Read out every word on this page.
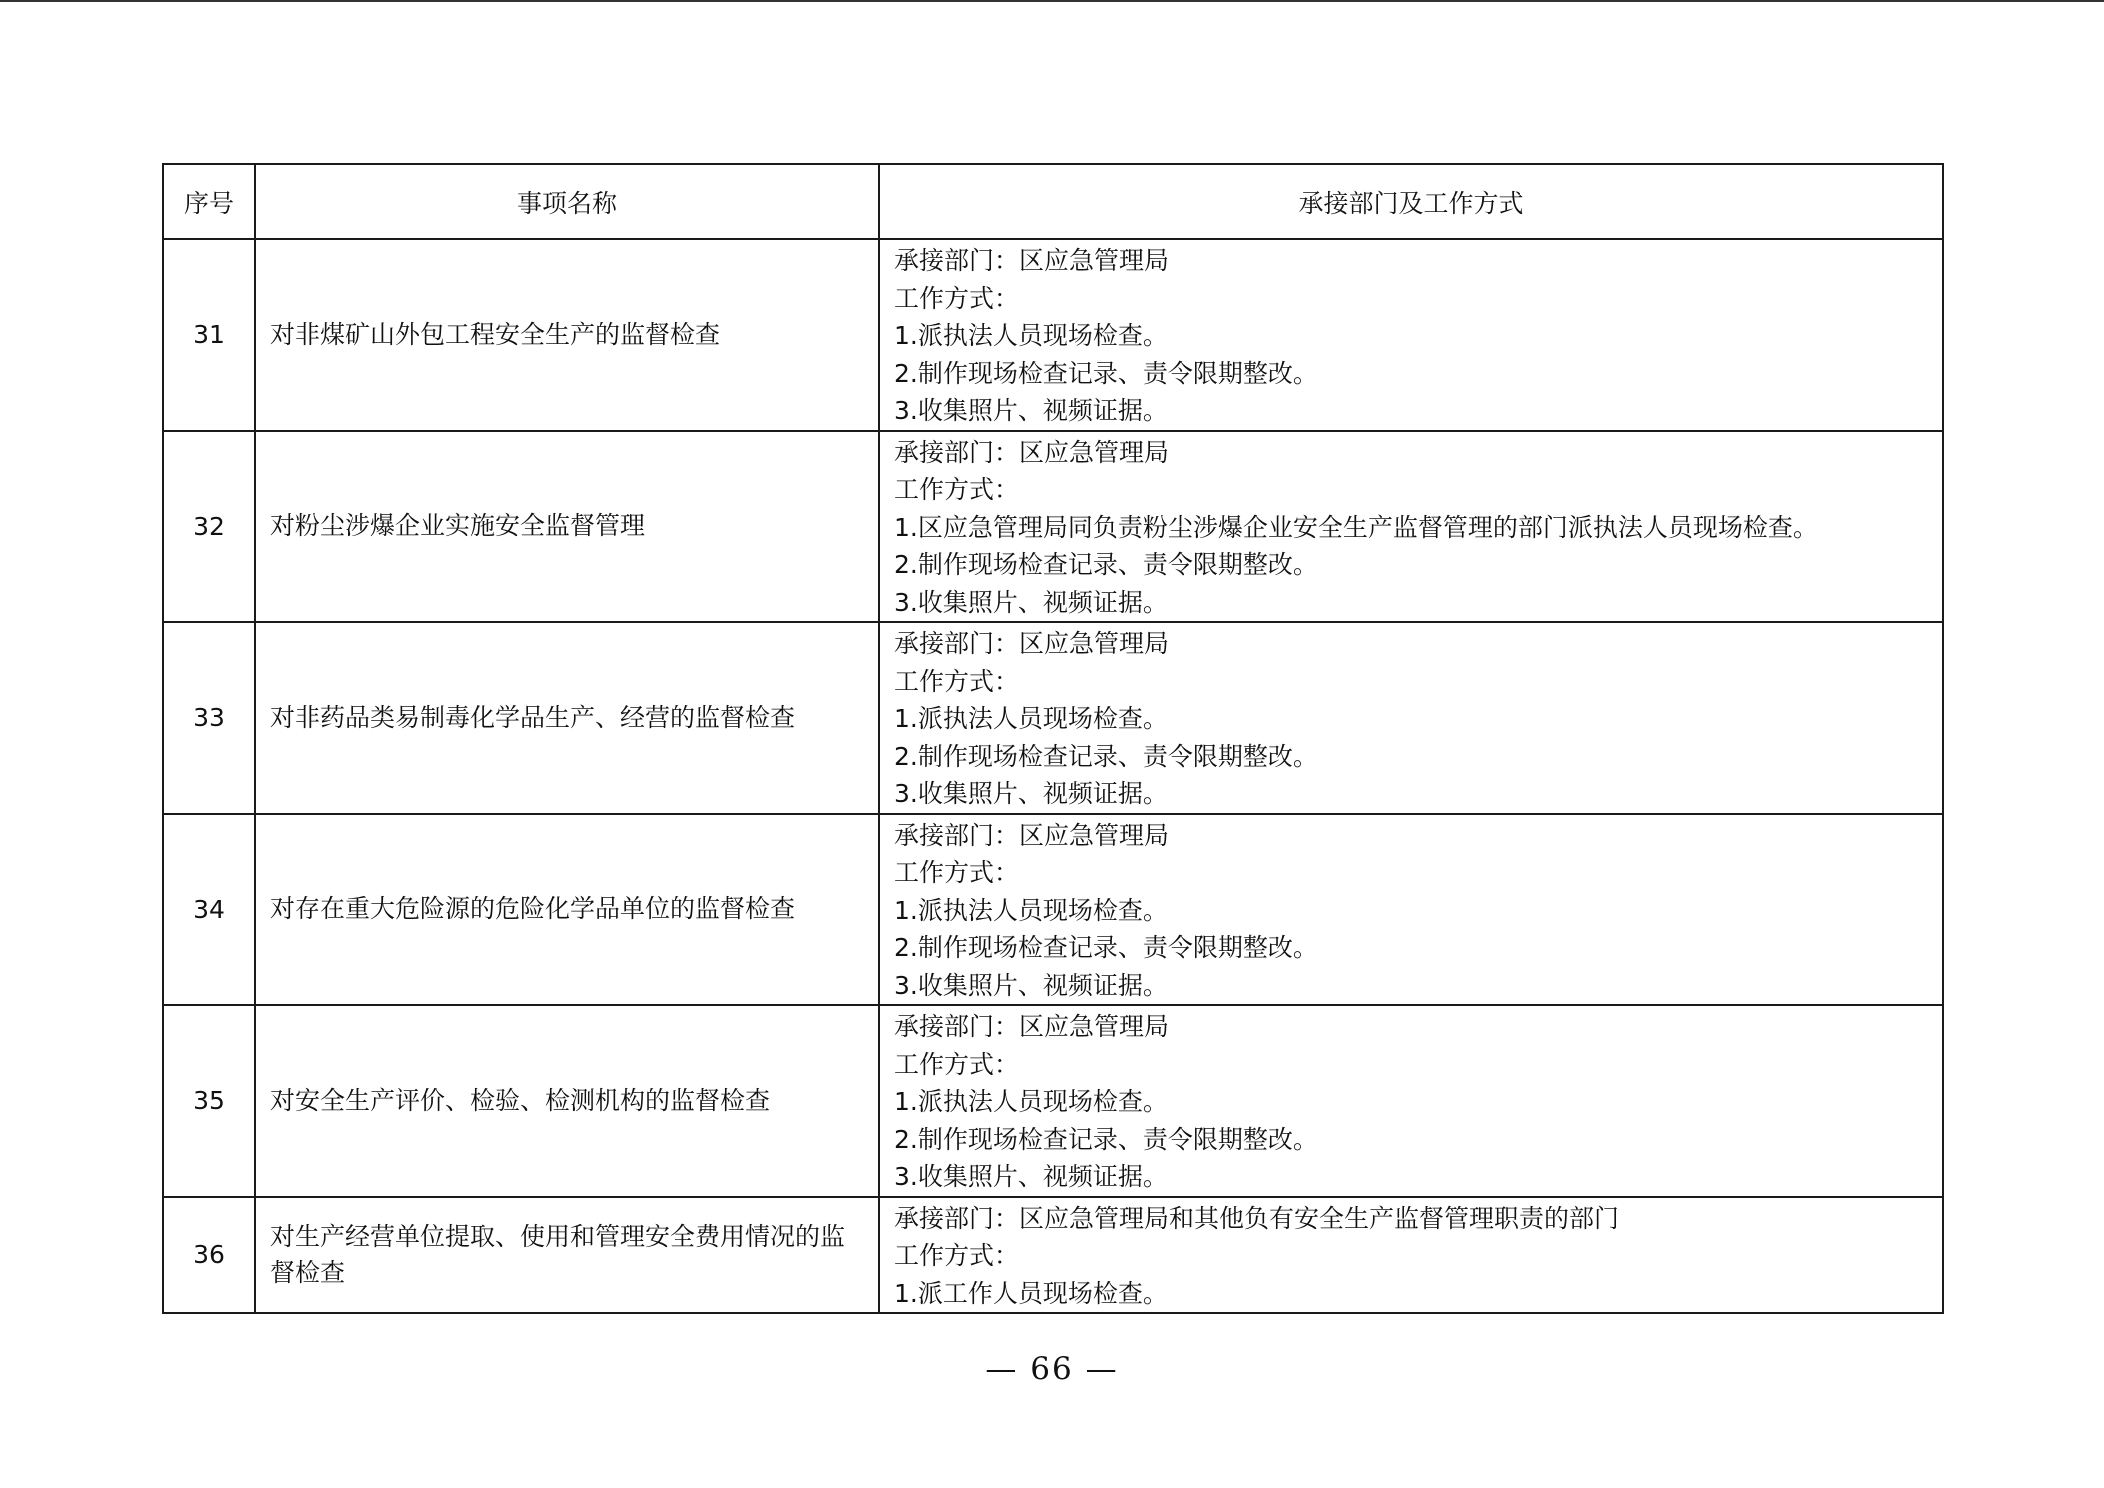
序号	事项名称	承接部门及工作方式
31	对非煤矿山外包工程安全生产的监督检查	承接部门：区应急管理局
工作方式：
1.派执法人员现场检查。
2.制作现场检查记录、责令限期整改。
3.收集照片、视频证据。

32	对粉尘涉爆企业实施安全监督管理	承接部门：区应急管理局
工作方式：
1.区应急管理局同负责粉尘涉爆企业安全生产监督管理的部门派执法人员现场检查。
2.制作现场检查记录、责令限期整改。
3.收集照片、视频证据。

33	对非药品类易制毒化学品生产、经营的监督检查	承接部门：区应急管理局
工作方式：
1.派执法人员现场检查。
2.制作现场检查记录、责令限期整改。
3.收集照片、视频证据。

34	对存在重大危险源的危险化学品单位的监督检查	承接部门：区应急管理局
工作方式：
1.派执法人员现场检查。
2.制作现场检查记录、责令限期整改。
3.收集照片、视频证据。

35	对安全生产评价、检验、检测机构的监督检查	承接部门：区应急管理局
工作方式：
1.派执法人员现场检查。
2.制作现场检查记录、责令限期整改。
3.收集照片、视频证据。

36	对生产经营单位提取、使用和管理安全费用情况的监督检查	承接部门：区应急管理局和其他负有安全生产监督管理职责的部门
工作方式：
1.派工作人员现场检查。
— 66 —
